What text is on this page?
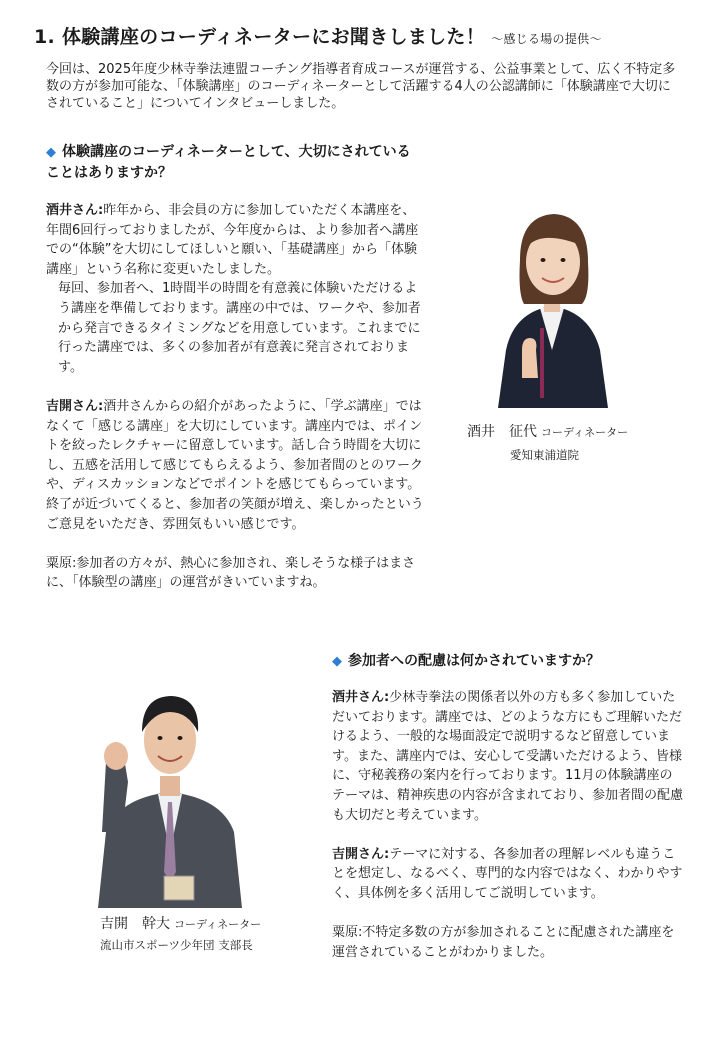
1. 体験講座のコーディネーターにお聞きしました！ 〜感じる場の提供〜
今回は、2025年度少林寺拳法連盟コーチング指導者育成コースが運営する、公益事業として、広く不特定多数の方が参加可能な、「体験講座」のコーディネーターとして活躍する4人の公認講師に「体験講座で大切にされていること」についてインタビューしました。
◆ 体験講座のコーディネーターとして、大切にされていることはありますか？
酒井さん:昨年から、非会員の方に参加していただく本講座を、年間6回行っておりましたが、今年度からは、より参加者へ講座での“体験”を大切にしてほしいと願い、「基礎講座」から「体験講座」という名称に変更いたしました。
毎回、参加者へ、1時間半の時間を有意義に体験いただけるよう講座を準備しております。講座の中では、ワークや、参加者から発言できるタイミングなどを用意しています。これまでに行った講座では、多くの参加者が有意義に発言されております。
吉開さん:酒井さんからの紹介があったように、「学ぶ講座」ではなくて「感じる講座」を大切にしています。講座内では、ポイントを絞ったレクチャーに留意しています。話し合う時間を大切にし、五感を活用して感じてもらえるよう、参加者間のとのワークや、ディスカッションなどでポイントを感じてもらっています。終了が近づいてくると、参加者の笑顔が増え、楽しかったというご意見をいただき、雰囲気もいい感じです。
粟原:参加者の方々が、熱心に参加され、楽しそうな様子はまさに、「体験型の講座」の運営がきいていますね。
酒井　征代 コーディネーター
愛知東浦道院
◆ 参加者への配慮は何かされていますか？
酒井さん:少林寺拳法の関係者以外の方も多く参加していただいております。講座では、どのような方にもご理解いただけるよう、一般的な場面設定で説明するなど留意しています。また、講座内では、安心して受講いただけるよう、皆様に、守秘義務の案内を行っております。11月の体験講座のテーマは、精神疾患の内容が含まれており、参加者間の配慮も大切だと考えています。
吉開さん:テーマに対する、各参加者の理解レベルも違うことを想定し、なるべく、専門的な内容ではなく、わかりやすく、具体例を多く活用してご説明しています。
粟原:不特定多数の方が参加されることに配慮された講座を運営されていることがわかりました。
吉開　幹大 コーディネーター
流山市スポーツ少年団 支部長
